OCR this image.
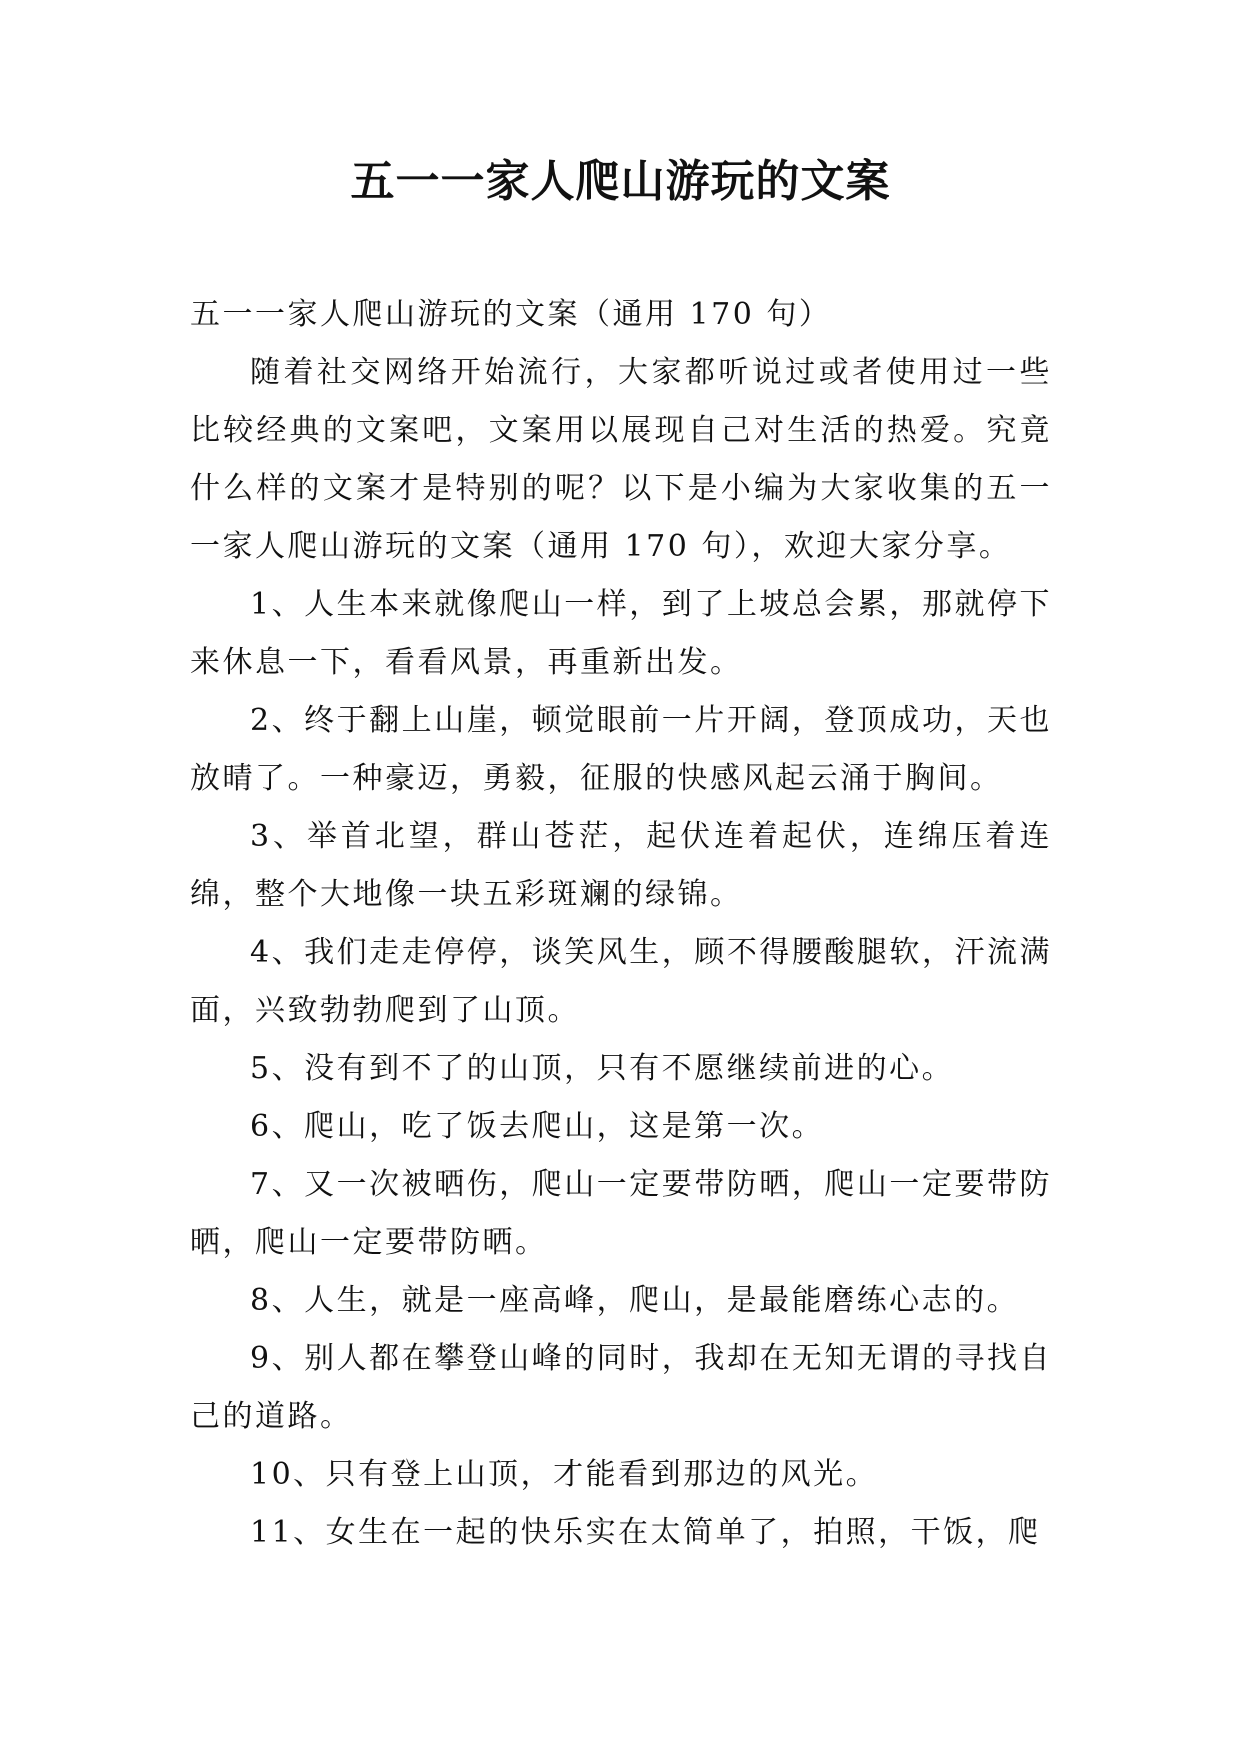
五一一家人爬山游玩的文案

五一一家人爬山游玩的文案（通用 170 句）

随着社交网络开始流行，大家都听说过或者使用过一些比较经典的文案吧，文案用以展现自己对生活的热爱。究竟什么样的文案才是特别的呢？以下是小编为大家收集的五一一家人爬山游玩的文案（通用 170 句），欢迎大家分享。

1、人生本来就像爬山一样，到了上坡总会累，那就停下来休息一下，看看风景，再重新出发。

2、终于翻上山崖，顿觉眼前一片开阔，登顶成功，天也放晴了。一种豪迈，勇毅，征服的快感风起云涌于胸间。

3、举首北望，群山苍茫，起伏连着起伏，连绵压着连绵，整个大地像一块五彩斑斓的绿锦。

4、我们走走停停，谈笑风生，顾不得腰酸腿软，汗流满面，兴致勃勃爬到了山顶。

5、没有到不了的山顶，只有不愿继续前进的心。

6、爬山，吃了饭去爬山，这是第一次。

7、又一次被晒伤，爬山一定要带防晒，爬山一定要带防晒，爬山一定要带防晒。

8、人生，就是一座高峰，爬山，是最能磨练心志的。

9、别人都在攀登山峰的同时，我却在无知无谓的寻找自己的道路。

10、只有登上山顶，才能看到那边的风光。

11、女生在一起的快乐实在太简单了，拍照，干饭，爬
